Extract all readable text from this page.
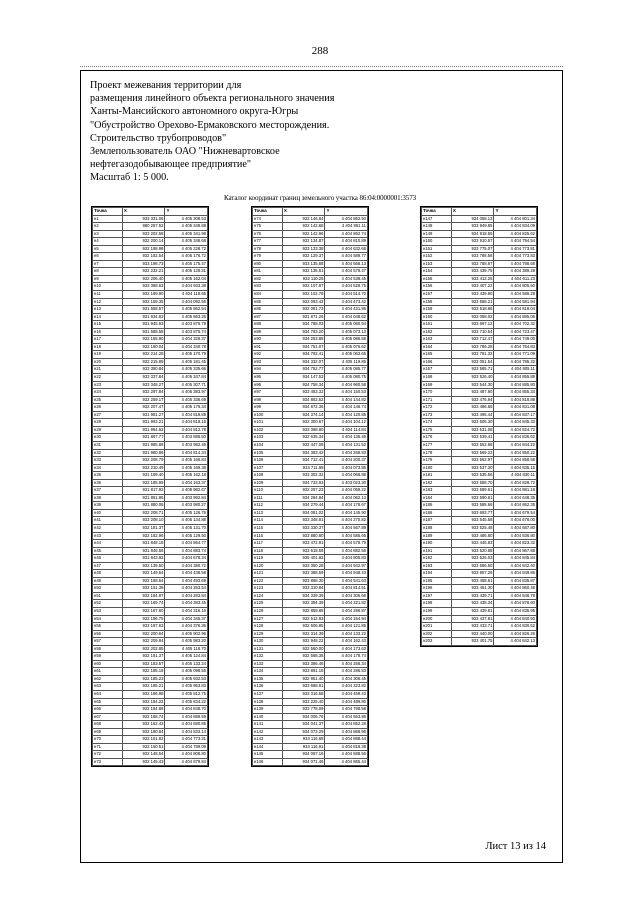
288
Проект межевания территории для
размещения линейного объекта регионального значения
Ханты-Мансийского автономного округа-Югры
"Обустройство Орехово-Ермаковского месторождения.
Строительство трубопроводов"
Землепользователь ОАО "Нижневартовское
нефтегазодобывающее предприятие"
Масштаб 1: 5 000.
Каталог координат границ земельного участка 86:04:0000001:3573
Точка	X	Y
н1	933 331.06	4 405 308.53
н2	980 257.52	4 405 348.88
н3	933 202.58	4 405 341.99
н4	932 200.14	4 405 348.68
н5	932 188.98	4 405 228.72
н6	932 182.54	4 405 176.72
н7	933 198.73	4 405 175.47
н8	932 232.21	4 405 128.31
н9	932 206.40	4 405 162.04
н10	933 388.63	4 404 933.38
н11	932 189.90	4 404 118.65
н12	932 159.35	4 404 092.56
н13	931 558.57	4 405 862.54
н14	931 934.83	4 405 863.26
н15	931 945.63	4 403 875.79
н16	931 588.58	4 403 875.74
н17	932 155.90	4 404 328.37
н18	932 180.04	4 404 340.78
н19	932 214.28	4 405 170.79
н20	932 215.89	4 405 181.45
н21	933 350.84	4 405 335.66
н22	933 337.84	4 405 347.84
н23	933 348.27	4 405 307.71
н24	932 297.84	4 405 383.97
н25	932 259.17	4 405 336.69
н26	932 207.47	4 405 176.34
н27	931 981.27	4 404 818.89
н28	931 993.21	4 404 818.15
н29	931 954.52	4 404 812.78
н30	931 867.77	4 403 886.50
н31	931 985.88	4 403 982.46
н32	931 980.86	4 404 814.34
н33	932 208.79	4 405 166.84
н34	932 210.49	4 405 169.38
н35	931 199.40	4 405 162.18
н36	932 185.99	4 404 163.37
н37	931 817.92	4 408 982.67
н38	931 851.85	4 403 992.84
н39	931 880.06	4 403 980.27
н40	932 208.71	4 405 126.76
н41	933 208.10	4 405 134.88
н42	932 181.37	4 405 131.70
н43	932 182.96	4 405 129.50
н44	931 848.18	4 404 864.77
н45	931 846.56	4 404 883.74
н46	931 843.82	4 404 678.34
н47	932 139.50	4 404 380.72
н48	932 149.64	4 404 438.58
н49	932 168.64	4 404 493.69
н50	932 151.38	4 404 253.54
н51	932 164.87	4 404 283.84
н52	932 169.74	4 404 383.45
н53	932 187.60	4 404 316.16
н54	932 196.75	4 404 345.37
н55	933 187.63	4 404 376.36
н56	932 200.64	4 405 902.96
н57	932 209.84	4 405 983.20
н58	932 202.85	4 405 118.70
н59	932 191.37	4 405 124.84
н60	932 183.57	4 405 133.24
н61	932 185.18	4 405 098.55
н62	932 185.23	4 405 932.53
н63	932 185.21	4 405 953.83
н64	932 186.98	4 405 812.75
н65	932 184.22	4 405 834.22
н66	932 184.88	4 404 848.70
н67	932 168.74	4 404 689.59
н68	932 162.43	4 404 680.85
н69	932 180.84	4 404 833.14
н70	932 151.82	4 404 773.31
н71	932 150.51	4 404 789.09
н72	932 148.54	4 404 808.80
н73	932 145.43	4 404 879.84
Точка	X	Y
н74	932 146.84	4 404 862.50
н75	932 142.68	4 404 861.11
н76	932 142.96	4 404 862.74
н77	932 134.87	4 404 810.89
н78	933 133.38	4 404 632.66
н79	932 129.37	4 404 589.77
н80	933 135.68	4 404 568.13
н81	932 135.61	4 404 578.47
н82	932 110.25	4 404 538.45
н83	932 107.87	4 404 528.75
н84	932 102.78	4 404 514.70
н85	932 093.42	4 404 473.42
н86	932 081.73	4 404 431.85
н87	931 871.26	4 404 048.62
н88	934 788.03	4 405 080.94
н89	934 783.20	4 405 073.13
н90	934 253.88	4 405 086.58
н91	934 751.07	4 405 076.62
н92	934 792.41	4 405 063.65
н93	934 332.07	4 405 119.85
н94	934 752.77	4 405 085.77
н95	934 147.53	4 405 080.75
н96	934 758.34	4 404 960.58
н97	933 483.32	4 404 150.53
н98	934 862.52	4 404 144.82
н99	934 872.36	4 404 146.74
н100	934 374.14	4 404 120.85
н101	932 300.67	4 404 104.12
н102	933 398.80	4 404 114.84
н103	932 635.34	4 404 135.46
н104	932 447.08	4 404 131.52
н105	934 383.42	4 404 269.83
н106	934 712.41	4 404 200.37
н107	934 711.98	4 404 073.85
н108	933 302.32	4 404 068.88
н109	934 733.93	4 403 023.30
н110	932 267.23	4 404 059.22
н111	934 284.84	4 404 062.13
н112	934 279.44	4 404 178.67
н113	934 081.02	4 404 145.90
н114	933 348.81	4 404 270.82
н115	933 330.37	4 404 567.89
н116	933 880.80	4 404 585.66
н117	933 472.91	4 404 578.79
н118	933 618.59	4 404 882.56
н119	935 401.82	4 404 805.83
н120	933 350.28	4 404 942.97
н121	933 388.59	4 404 948.43
н122	933 868.30	4 404 541.63
н123	933 310.84	4 404 814.51
н124	934 339.36	4 404 306.66
н125	932 384.39	4 404 321.82
н126	932 859.88	4 404 286.87
н127	932 512.83	4 404 154.94
н128	932 506.85	4 404 121.85
н129	932 314.39	4 404 133.22
н130	932 948.22	4 404 162.43
н131	932 560.00	4 404 173.63
н132	932 568.38	4 404 178.74
н133	933 386.46	4 404 258.34
н134	933 891.18	4 404 286.83
н135	932 951.40	4 404 306.45
н136	933 688.81	4 404 323.82
н137	933 316.58	4 404 459.43
н138	933 225.40	4 404 489.80
н139	933 778.09	4 404 798.58
н140	934 006.76	4 404 553.86
н141	934 041.37	4 404 852.28
н142	934 073.29	4 404 868.96
н143	934 116.68	4 404 888.44
н144	934 116.91	4 404 818.38
н145	934 067.16	4 404 688.56
н146	934 071.46	4 404 865.44
Точка	X	Y
н147	934 058.13	4 404 801.34
н148	933 949.85	4 404 834.09
н149	934 918.55	4 404 825.62
н150	933 910.57	4 404 794.54
н151	933 775.07	4 404 773.81
н152	933 788.58	4 404 773.83
н153	933 768.67	4 404 788.68
н154	933 439.75	4 404 389.28
н155	933 412.25	4 404 611.23
н156	933 407.22	4 404 805.50
н157	933 439.80	4 404 588.28
н158	933 568.21	4 404 581.94
н159	933 518.86	4 404 818.04
н160	933 058.02	4 404 885.06
н161	933 697.12	4 404 702.32
н162	933 710.54	4 404 723.47
н163	933 712.47	4 404 749.00
н164	933 786.28	4 404 764.83
н165	933 781.32	4 404 771.09
н166	933 051.54	4 404 785.32
н167	933 585.71	4 404 805.11
н168	933 526.40	4 404 855.88
н169	933 544.30	4 404 885.80
н170	933 487.90	4 404 855.34
н171	933 476.94	4 404 818.89
н172	933 486.65	4 404 831.08
н173	933 495.44	4 404 837.17
н174	933 505.30	4 404 845.33
н175	933 531.08	4 404 824.72
н176	933 539.41	4 404 836.62
н177	933 552.88	4 404 844.22
н178	933 569.22	4 404 850.22
н179	933 562.97	4 404 858.58
н180	933 537.30	4 404 835.15
н181	933 535.56	4 404 830.11
н182	933 588.70	4 404 828.72
н183	933 589.61	4 404 881.18
н184	933 590.61	4 404 648.35
н185	933 588.66	4 404 862.35
н186	933 693.77	4 404 679.54
н187	933 545.58	4 404 678.00
н188	933 525.48	4 404 687.80
н189	933 486.80	4 404 836.80
н190	933 446.83	4 404 823.32
н191	933 520.88	4 404 867.88
н192	933 526.03	4 404 845.84
н193	933 586.50	4 404 842.40
н194	933 857.26	4 404 849.86
н195	933 458.61	4 404 835.87
н196	933 451.30	4 404 860.48
н197	933 439.71	4 404 848.78
н198	933 438.34	4 404 878.60
н199	933 439.81	4 404 835.95
н200	933 437.81	4 404 840.50
н201	933 433.71	4 404 830.52
н202	933 440.00	4 404 826.26
н203	933 401.75	4 404 842.13
Лист 13 из 14
